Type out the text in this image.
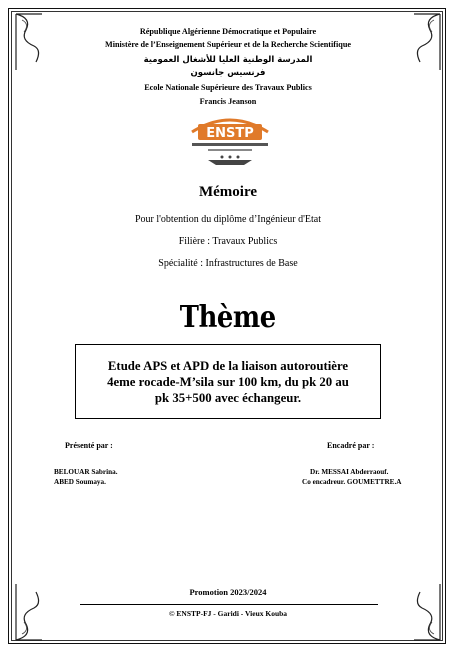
République Algérienne Démocratique et Populaire
Ministère de l’Enseignement Supérieur et de la Recherche Scientifique
المدرسة الوطنية العليا للأشغال العمومية
فرنسيس جانسون
Ecole Nationale Supérieure des Travaux Publics
Francis Jeanson
ENSTP
Mémoire
Pour l'obtention du diplôme d’Ingénieur d'Etat
Filière : Travaux Publics
Spécialité : Infrastructures de Base
Thème
Etude APS et APD de la liaison autoroutière
4eme rocade-M’sila sur 100 km, du pk 20 au
pk 35+500 avec échangeur.
Présenté par :	Encadré par :
BELOUAR Sabrina.
ABED Soumaya.
Dr. MESSAI Abderraouf.
Co encadreur. GOUMETTRE.A
Promotion 2023/2024
© ENSTP-FJ - Garidi - Vieux Kouba
